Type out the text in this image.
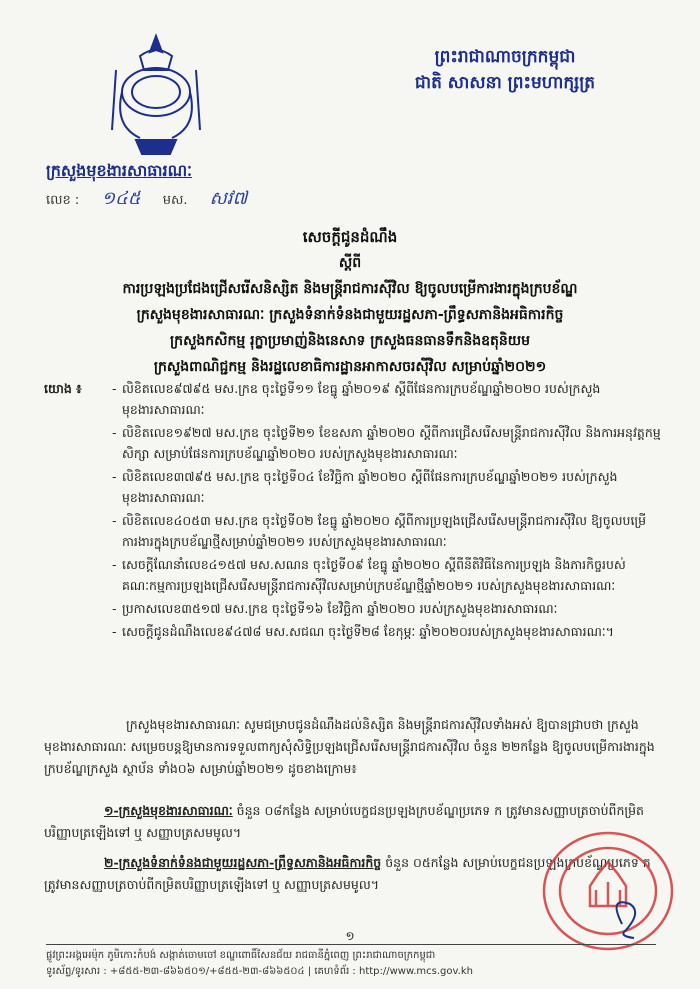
ព្រះរាជាណាចក្រកម្ពុជា
ជាតិ សាសនា ព្រះមហាក្សត្រ
ក្រសួងមុខងារសាធារណៈ
លេខ : ១៤៥ មស. សវ៧
សេចក្ដីជូនដំណឹង
ស្ដីពី
ការប្រឡងប្រជែងជ្រើសរើសនិស្សិត និងមន្ត្រីរាជការស៊ីវិល ឱ្យចូលបម្រើការងារក្នុងក្របខ័ណ្ឌ
ក្រសួងមុខងារសាធារណៈ ក្រសួងទំនាក់ទំនងជាមួយរដ្ឋសភា-ព្រឹទ្ធសភានិងអធិការកិច្ច
ក្រសួងកសិកម្ម រុក្ខាប្រមាញ់និងនេសាទ ក្រសួងធនធានទឹកនិងឧតុនិយម
ក្រសួងពាណិជ្ជកម្ម និងរដ្ឋលេខាធិការដ្ឋានអាកាសចរស៊ីវិល សម្រាប់ឆ្នាំ២០២១
យោង ៖
-	លិខិតលេខ៩៧៩៥ មស.ក្រឧ ចុះថ្ងៃទី១១ ខែធ្នូ ឆ្នាំ២០១៩ ស្ដីពីផែនការក្របខ័ណ្ឌឆ្នាំ២០២០ របស់ក្រសួងមុខងារសាធារណៈ
- លិខិតលេខ១៩២៧ មស.ក្រឧ ចុះថ្ងៃទី២១ ខែឧសភា ឆ្នាំ២០២០ ស្ដីពីការជ្រើសរើសមន្ត្រីរាជការស៊ីវិល និងការអនុវត្តកម្មសិក្សា សម្រាប់ផែនការក្របខ័ណ្ឌឆ្នាំ២០២០ របស់ក្រសួងមុខងារសាធារណៈ
- លិខិតលេខ៣៧៩៥ មស.ក្រឧ ចុះថ្ងៃទី០៤ ខែវិច្ឆិកា ឆ្នាំ២០២០ ស្ដីពីផែនការក្របខ័ណ្ឌឆ្នាំ២០២១ របស់ក្រសួងមុខងារសាធារណៈ
- លិខិតលេខ៤០៥៣ មស.ក្រឧ ចុះថ្ងៃទី០២ ខែធ្នូ ឆ្នាំ២០២០ ស្ដីពីការប្រឡងជ្រើសរើសមន្ត្រីរាជការស៊ីវិល ឱ្យចូលបម្រើការងារក្នុងក្របខ័ណ្ឌថ្មីសម្រាប់ឆ្នាំ២០២១ របស់ក្រសួងមុខងារសាធារណៈ
- សេចក្ដីណែនាំលេខ៤១៥៧ មស.សណន ចុះថ្ងៃទី០៩ ខែធ្នូ ឆ្នាំ២០២០ ស្ដីពីនីតិវិធីនៃការប្រឡង និងភារកិច្ចរបស់គណៈកម្មការប្រឡងជ្រើសរើសមន្ត្រីរាជការស៊ីវិលសម្រាប់ក្របខ័ណ្ឌថ្មីឆ្នាំ២០២១ របស់ក្រសួងមុខងារសាធារណៈ
- ប្រកាសលេខ៣៥១៧ មស.ក្រឧ ចុះថ្ងៃទី១៦ ខែវិច្ឆិកា ឆ្នាំ២០២០ របស់ក្រសួងមុខងារសាធារណៈ
- សេចក្ដីជូនដំណឹងលេខ៩៤៧៨ មស.សជណ ចុះថ្ងៃទី២៨ ខែកុម្ភៈ ឆ្នាំ២០២០របស់ក្រសួងមុខងារសាធារណៈ។
ក្រសួងមុខងារសាធារណៈ សូមជម្រាបជូនដំណឹងដល់និស្សិត និងមន្ត្រីរាជការស៊ីវិលទាំងអស់ ឱ្យបានជ្រាបថា ក្រសួងមុខងារសាធារណៈ សម្រេចបន្តឱ្យមានការទទួលពាក្យសុំសិទ្ធិប្រឡងជ្រើសរើសមន្ត្រីរាជការស៊ីវិល ចំនួន ២២កន្លែង ឱ្យចូលបម្រើការងារក្នុងក្របខ័ណ្ឌក្រសួង ស្ថាប័ន ទាំង០៦ សម្រាប់ឆ្នាំ២០២១ ដូចខាងក្រោម៖
១-ក្រសួងមុខងារសាធារណៈ ចំនួន ០៨កន្លែង សម្រាប់បេក្ខជនប្រឡងក្របខ័ណ្ឌប្រភេទ ក ត្រូវមានសញ្ញាបត្រចាប់ពីកម្រិតបរិញ្ញាបត្រឡើងទៅ ឬ សញ្ញាបត្រសមមូល។
២-ក្រសួងទំនាក់ទំនងជាមួយរដ្ឋសភា-ព្រឹទ្ធសភានិងអធិការកិច្ច ចំនួន ០៥កន្លែង សម្រាប់បេក្ខជនប្រឡងក្របខ័ណ្ឌប្រភេទ ក ត្រូវមានសញ្ញាបត្រចាប់ពីកម្រិតបរិញ្ញាបត្រឡើងទៅ ឬ សញ្ញាបត្រសមមូល។
១
ផ្លូវព្រះអង្គអេម៉ុក ភូមិកោះកំបង់ សង្កាត់ចោមចៅ ខណ្ឌពោធិ៍សែនជ័យ រាជធានីភ្នំពេញ ព្រះរាជាណាចក្រកម្ពុជា
ទូរស័ព្ទ/ទូរសារ : +៨៥៥-២៣-៨៦៦៥០១/+៨៥៥-២៣-៨៦៦៥០៤ | គេហទំព័រ : http://www.mcs.gov.kh
